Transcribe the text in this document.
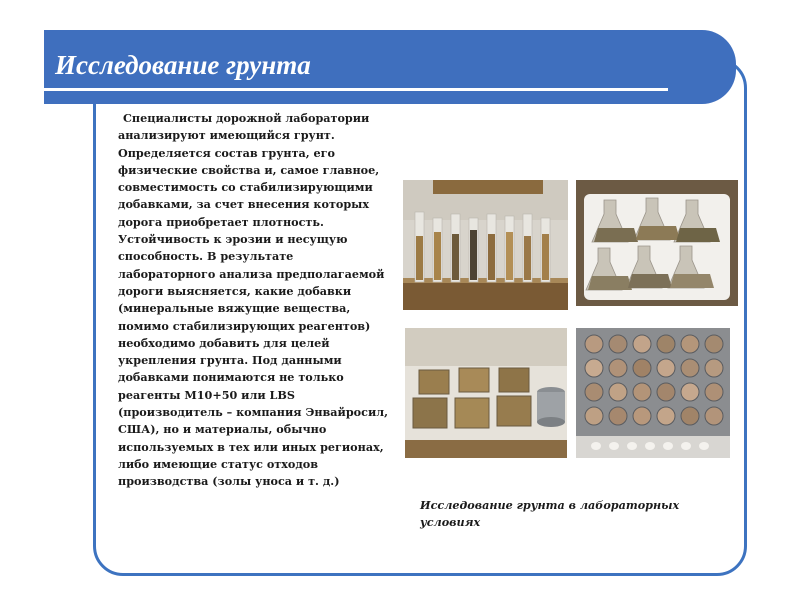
Исследование грунта

Специалисты дорожной лаборатории анализируют имеющийся грунт. Определяется состав грунта, его физические свойства и, самое главное, совместимость со стабилизирующими добавками, за счет внесения которых дорога приобретает плотность. Устойчивость к эрозии и несущую способность. В результате лабораторного анализа предполагаемой дороги выясняется, какие добавки (минеральные вяжущие вещества, помимо стабилизирующих реагентов) необходимо добавить для целей укрепления грунта. Под данными добавками понимаются не только реагенты М10+50 или LBS (производитель – компания Энвайросил, США), но и материалы, обычно используемых в тех или иных регионах, либо имеющие статус отходов производства (золы уноса и т. д.)

Исследование грунта в лабораторных условиях
